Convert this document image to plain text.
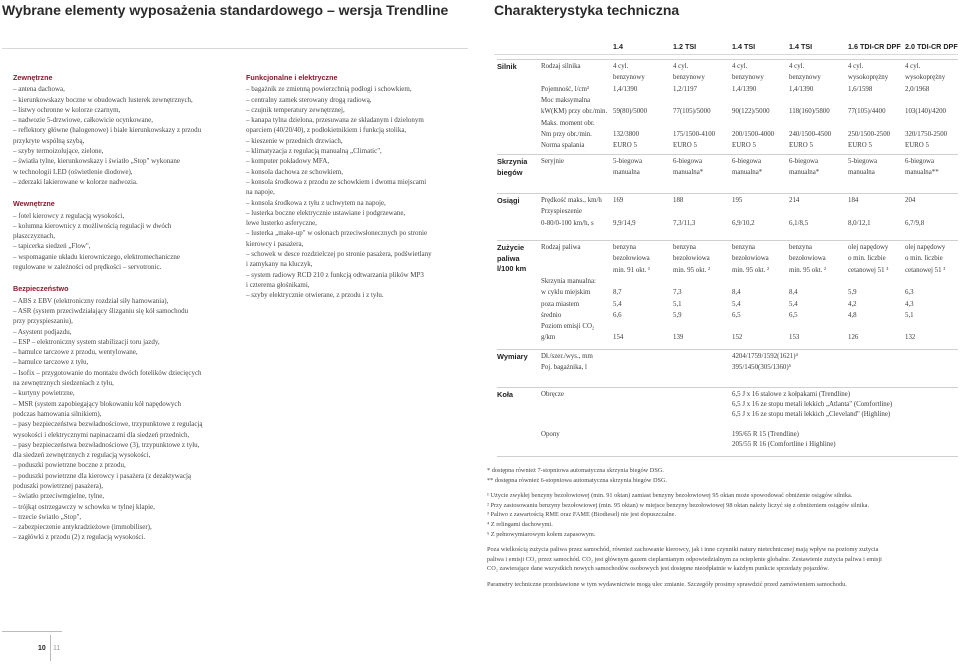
Wybrane elementy wyposażenia standardowego – wersja Trendline	Charakterystyka techniczna
Zewnętrzne
– antena dachowa,
– kierunkowskazy boczne w obudowach lusterek zewnętrznych,
– listwy ochronne w kolorze czarnym,
– nadwozie 5-drzwiowe, całkowicie ocynkowane,
– reflektory główne (halogenowe) i białe kierunkowskazy z przodu
przykryte wspólną szybą,
– szyby termoizolujące, zielone,
– światła tylne, kierunkowskazy i światło „Stop" wykonane
w technologii LED (oświetlenie diodowe),
– zderzaki lakierowane w kolorze nadwozia.
Wewnętrzne
– fotel kierowcy z regulacją wysokości,
– kolumna kierownicy z możliwością regulacji w dwóch
płaszczyznach,
– tapicerka siedzeń „Flow",
– wspomaganie układu kierowniczego, elektromechaniczne
regulowane w zależności od prędkości – servotronic.
Bezpieczeństwo
– ABS z EBV (elektroniczny rozdział siły hamowania),
– ASR (system przeciwdziałający ślizganiu się kół samochodu
przy przyspieszaniu),
– Asystent podjazdu,
– ESP – elektroniczny system stabilizacji toru jazdy,
– hamulce tarczowe z przodu, wentylowane,
– hamulce tarczowe z tyłu,
– Isofix – przygotowanie do montażu dwóch fotelików dziecięcych
na zewnętrznych siedzeniach z tyłu,
– kurtyny powietrzne,
– MSR (system zapobiegający blokowaniu kół napędowych
podczas hamowania silnikiem),
– pasy bezpieczeństwa bezwładnościowe, trzypunktowe z regulacją
wysokości i elektrycznymi napinaczami dla siedzeń przednich,
– pasy bezpieczeństwa bezwładnościowe (3), trzypunktowe z tyłu,
dla siedzeń zewnętrznych z regulacją wysokości,
– poduszki powietrzne boczne z przodu,
– poduszki powietrzne dla kierowcy i pasażera (z dezaktywacją
poduszki powietrznej pasażera),
– światło przeciwmgielne, tylne,
– trójkąt ostrzegawczy w schowku w tylnej klapie,
– trzecie światło „Stop",
– zabezpieczenie antykradzieżowe (immobiliser),
– zagłówki z przodu (2) z regulacją wysokości.
Funkcjonalne i elektryczne
– bagażnik ze zmienną powierzchnią podłogi i schowkiem,
– centralny zamek sterowany drogą radiową,
– czujnik temperatury zewnętrznej,
– kanapa tylna dzielona, przesuwana ze składanym i dzielonym
oparciem (40/20/40), z podłokietnikiem i funkcją stolika,
– kieszenie w przednich drzwiach,
– klimatyzacja z regulacją manualną „Climatic",
– komputer pokładowy MFA,
– konsola dachowa ze schowkiem,
– konsola środkowa z przodu ze schowkiem i dwoma miejscami
na napoje,
– konsola środkowa z tyłu z uchwytem na napoje,
– lusterka boczne elektrycznie ustawiane i podgrzewane,
lewe lusterko asferyczne,
– lusterka „make-up" w osłonach przeciwsłonecznych po stronie
kierowcy i pasażera,
– schowek w desce rozdzielczej po stronie pasażera, podświetlany
i zamykany na kluczyk,
– system radiowy RCD 210 z funkcją odtwarzania plików MP3
i czterema głośnikami,
– szyby elektrycznie otwierane, z przodu i z tyłu.
1.4	1.2 TSI	1.4 TSI	1.4 TSI	1.6 TDI-CR DPF 2.0 TDI-CR DPF
Silnik	Rodzaj silnika	4 cyl.	4 cyl.	4 cyl.	4 cyl.	4 cyl.	4 cyl.
benzynowy	benzynowy	benzynowy	benzynowy	wysokoprężny wysokoprężny
Pojemność, l/cm³	1,4/1390	1,2/1197	1,4/1390	1,4/1390	1,6/1598	2,0/1968
Moc maksymalna
kW(KM) przy obr./min. 59(80)/5000	77(105)/5000	90(122)/5000	118(160)/5800	77(105)/4400	103(140)/4200
Maks. moment obr.
Nm przy obr./min.	132/3800	175/1500-4100 200/1500-4000 240/1500-4500 250/1500-2500 320/1750-2500
Norma spalania	EURO 5	EURO 5	EURO 5	EURO 5	EURO 5	EURO 5
Skrzynia
biegów
Seryjnie	5-biegowa	6-biegowa	6-biegowa	6-biegowa	5-biegowa	6-biegowa
manualna	manualna*	manualna*	manualna*	manualna	manualna**
Osiągi	Prędkość maks., km/h 169	188	195	214	184	204
Przyspieszenie
0-80/0-100 km/h, s	9,9/14,9	7,3/11,3	6,9/10,2	6,1/8,5	8,0/12,1	6,7/9,8
Zużycie
paliwa
l/100 km
Rodzaj paliwa	benzyna	benzyna	benzyna	benzyna	olej napędowy olej napędowy
bezołowiowa	bezołowiowa	bezołowiowa	bezołowiowa	o min. liczbie	o min. liczbie
min. 91 okt. ¹	min. 95 okt. ²	min. 95 okt. ²	min. 95 okt. ²	cetanowej 51 ³ cetanowej 51 ³
Skrzynia manualna:
w cyklu miejskim	8,7	7,3	8,4	8,4	5,9	6,3
poza miastem	5,4	5,1	5,4	5,4	4,2	4,3
średnio	6,6	5,9	6,5	6,5	4,8	5,1
Poziom emisji CO₂
g/km	154	139	152	153	126	132
Wymiary Dł./szer./wys., mm	4204/1759/1592(1621)⁴
Poj. bagażnika, l	395/1450(305/1360)⁵
Koła	Obręcze	6,5 J x 16 stalowe z kołpakami (Trendline)
6,5 J x 16 ze stopu metali lekkich „Atlanta" (Comfortline)
6,5 J x 16 ze stopu metali lekkich „Cleveland" (Highline)
Opony	195/65 R 15 (Trendline)
205/55 R 16 (Comfortline i Highline)

* dostępna również 7-stopniowa automatyczna skrzynia biegów DSG.

** dostępna również 6-stopniowa automatyczna skrzynia biegów DSG.

¹ Użycie zwykłej benzyny bezołowiowej (min. 91 oktan) zamiast benzyny bezołowiowej 95 oktan może spowodować obniżenie osiągów silnika.

² Przy zastosowaniu benzyny bezołowiowej (min. 95 oktan) w miejsce benzyny bezołowiowej 98 oktan należy liczyć się z obniżeniem osiągów silnika.

³ Paliwo z zawartością RME oraz FAME (Biodiesel) nie jest dopuszczalne.

⁴ Z relingami dachowymi.

⁵ Z pełnowymiarowym kołem zapasowym.

Poza wielkością zużycia paliwa przez samochód, również zachowanie kierowcy, jak i inne czynniki natury nietechnicznej mają wpływ na poziomy zużycia

paliwa i emisji CO₂ przez samochód. CO₂ jest głównym gazem cieplarnianym odpowiedzialnym za ocieplenie globalne. Zestawienie zużycia paliwa i emisji

CO₂ zawierające dane wszystkich nowych samochodów osobowych jest dostępne nieodpłatnie w każdym punkcie sprzedaży pojazdów.

Parametry techniczne przedstawione w tym wydawnictwie mogą ulec zmianie. Szczegóły prosimy sprawdzić przed zamówieniem samochodu.

10 11
